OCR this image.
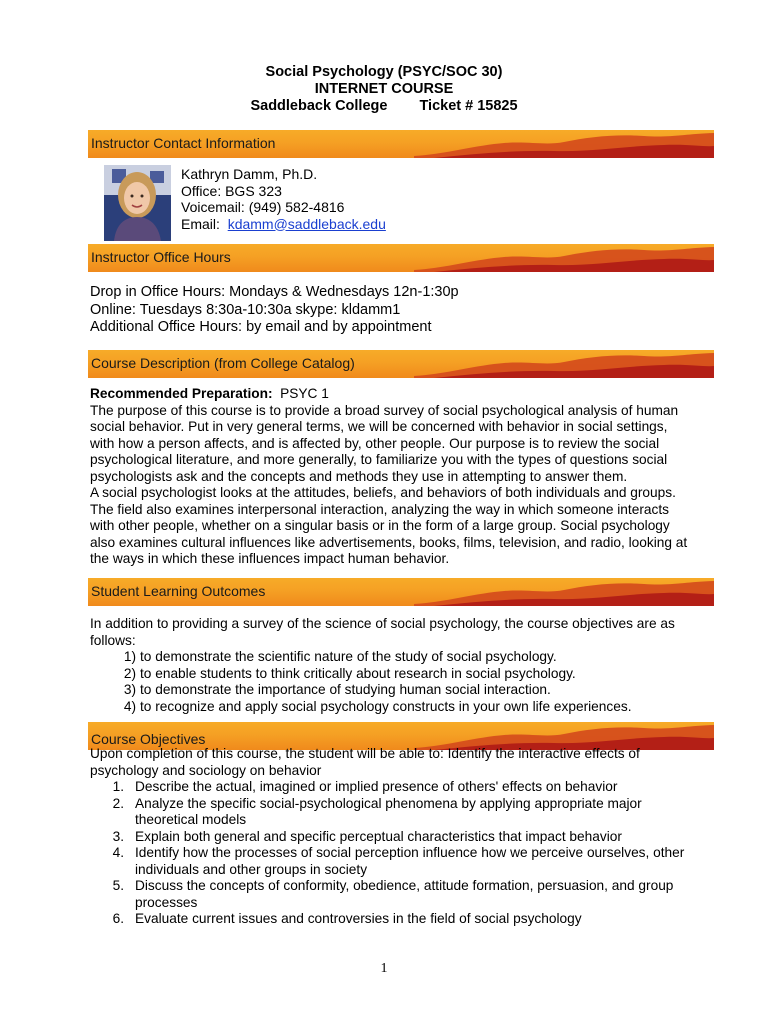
Social Psychology (PSYC/SOC 30)
INTERNET COURSE
Saddleback College Ticket # 15825
Instructor Contact Information
Kathryn Damm, Ph.D.
Office: BGS 323
Voicemail: (949) 582-4816
Email: kdamm@saddleback.edu
Instructor Office Hours
Drop in Office Hours: Mondays & Wednesdays 12n-1:30p
Online: Tuesdays 8:30a-10:30a skype: kldamm1
Additional Office Hours: by email and by appointment
Course Description (from College Catalog)
Recommended Preparation: PSYC 1
The purpose of this course is to provide a broad survey of social psychological analysis of human
social behavior. Put in very general terms, we will be concerned with behavior in social settings,
with how a person affects, and is affected by, other people. Our purpose is to review the social
psychological literature, and more generally, to familiarize you with the types of questions social
psychologists ask and the concepts and methods they use in attempting to answer them.
A social psychologist looks at the attitudes, beliefs, and behaviors of both individuals and groups.
The field also examines interpersonal interaction, analyzing the way in which someone interacts
with other people, whether on a singular basis or in the form of a large group. Social psychology
also examines cultural influences like advertisements, books, films, television, and radio, looking at
the ways in which these influences impact human behavior.
Student Learning Outcomes
In addition to providing a survey of the science of social psychology, the course objectives are as
follows:
1) to demonstrate the scientific nature of the study of social psychology.
2) to enable students to think critically about research in social psychology.
3) to demonstrate the importance of studying human social interaction.
4) to recognize and apply social psychology constructs in your own life experiences.
Course Objectives
Upon completion of this course, the student will be able to: Identify the interactive effects of
psychology and sociology on behavior
1. Describe the actual, imagined or implied presence of others' effects on behavior
2. Analyze the specific social-psychological phenomena by applying appropriate major theoretical models
3. Explain both general and specific perceptual characteristics that impact behavior
4. Identify how the processes of social perception influence how we perceive ourselves, other individuals and other groups in society
5. Discuss the concepts of conformity, obedience, attitude formation, persuasion, and group processes
6. Evaluate current issues and controversies in the field of social psychology
1
